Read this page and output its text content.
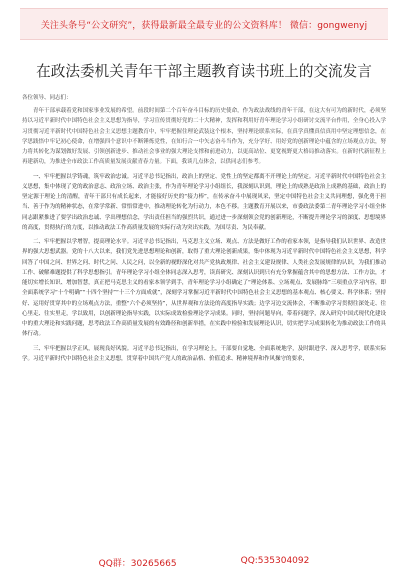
关注头条号“公文研究”，获得最新最全最专业的公文资料库！ 微信：gongwenyj
在政法委机关青年干部主题教育读书班上的交流发言
各位领导、同志们：

青年干部承载着党和国家事业发展的希望。前段时间第二个百年奋斗目标的历史使命，作为政法战线的青年干部，在这大有可为的新时代，必须坚持以习近平新时代中国特色社会主义思想为指导，学习宣传贯彻好党的二十大精神，发挥和利用好青年理论学习小组研讨交流平台作用，全身心投入学习贯彻习近平新时代中国特色社会主义思想主题教育中，牢牢把握住理论武装这个根本，坚持理论联系实际，在真学真懂真信真用中坚定理想信念，在学思践悟中牢记初心使命，在增强四个意识中不断锤炼党性，在知行合一中矢志奋斗当作为，充分学好、用好党的创新理论中蕴含的立场观点方法，努力将其转化为谋划做好发展、引领创新进步、推动社会事业的强大理论支撑和前进动力，以更高站位、更宽视野更大格局推动落实。在新时代新征程上再建新功，为推进全市政法工作高质量发展贡献青春力量。下面，我谈几点体会，以供同志们参考。

一、牢牢把握以学铸魂，筑牢政治忠诚。习近平总书记指出，政治上的坚定、党性上的坚定都离不开理论上的坚定。习近平新时代中国特色社会主义思想，集中体现了党的政治意志、政治立场、政治主张，作为青年理论学习小组组长，我深刻认识到，理论上的成熟是政治上成熟的基础，政治上的坚定源于理论上的清醒，青年干部只有成长起来，才能接好历史的“接力棒”，在传承奋斗中展现风采，坚定中国特色社会主义共同理想，强化勇于担当、善于作为的精神状态，在常学常新、常悟常进中，推动理论转化为行动力，本色不移。主题教育开展以来，市委政法委第二青年理论学习小组全体同志跟紧推进了要学出政治忠诚、学出理想信念，学出责任担当的强烈共识，通过进一步深刻领会党的创新理论，不断提升理论学习的深度、思想境界的高度，贯彻执行的力度，以推动政法工作高质量发展的实际行动为突出实践，为国尽责、为民奉献。

二、牢牢把握以学增智，提高理论水平。习近平总书记指出，马克思主义立场、观点、方法是做好工作的看家本领，是指导我们认识世界、改造世界的强大思想武器。党的十八大以来，我们党先进思想理论和创新，取得了重大理论创新成果，集中体现为习近平新时代中国特色社会主义思想，科学回答了中国之问、世界之问、时代之问、人民之问，以全新的视野深化对共产党执政规律、社会主义建设规律、人类社会发展规律的认识，为我们推动工作、破解难题提供了科学思想指引。青年理论学习小组全体同志深入思考，读真研究、深刻认识到只有充分掌握蕴含其中的思想方法、工作方法，才能切实增长知识、增加智慧，真正把马克思主义的看家本领学到手，青年理论学习小组确定了“理论体系、立场观点、发展脉络”三项重点学习内容，即全面系统学习“十个明确”“十四个坚持”“十三个方面成就”，深刻学习掌握习近平新时代中国特色社会主义思想的基本观点、核心要义、科学体系；坚持好、运用好贯穿其中的立场观点方法，重整“六个必须坚持”，从世界观和方法论的高度指导实践；边学习边交流体会，不断推动学习贯彻往深处走、往心里走、往实里走，学以致用，以创新理论指导实践，以实际成效检验理论学习成果。同时，坚持问题导向，带着问题学，深入研究中国式现代化建设中的重大理论和实践问题，思考政法工作高质量发展的有效路径和创新举措，在实践中检验和发展理论认识，切实把学习成果转化为推动政法工作的具体行动。

三、牢牢把握以学正风，展现良好风貌。习近平总书记指出，在学习理论上，干部要自觉地、全面系统地学，及时跟进学、深入思考学，联系实际学。习近平新时代中国特色社会主义思想，贯穿着中国共产党人的政治品格、价值追求、精神境界和作风操守的要求，

QQ群：30265665	QQ:535304092
